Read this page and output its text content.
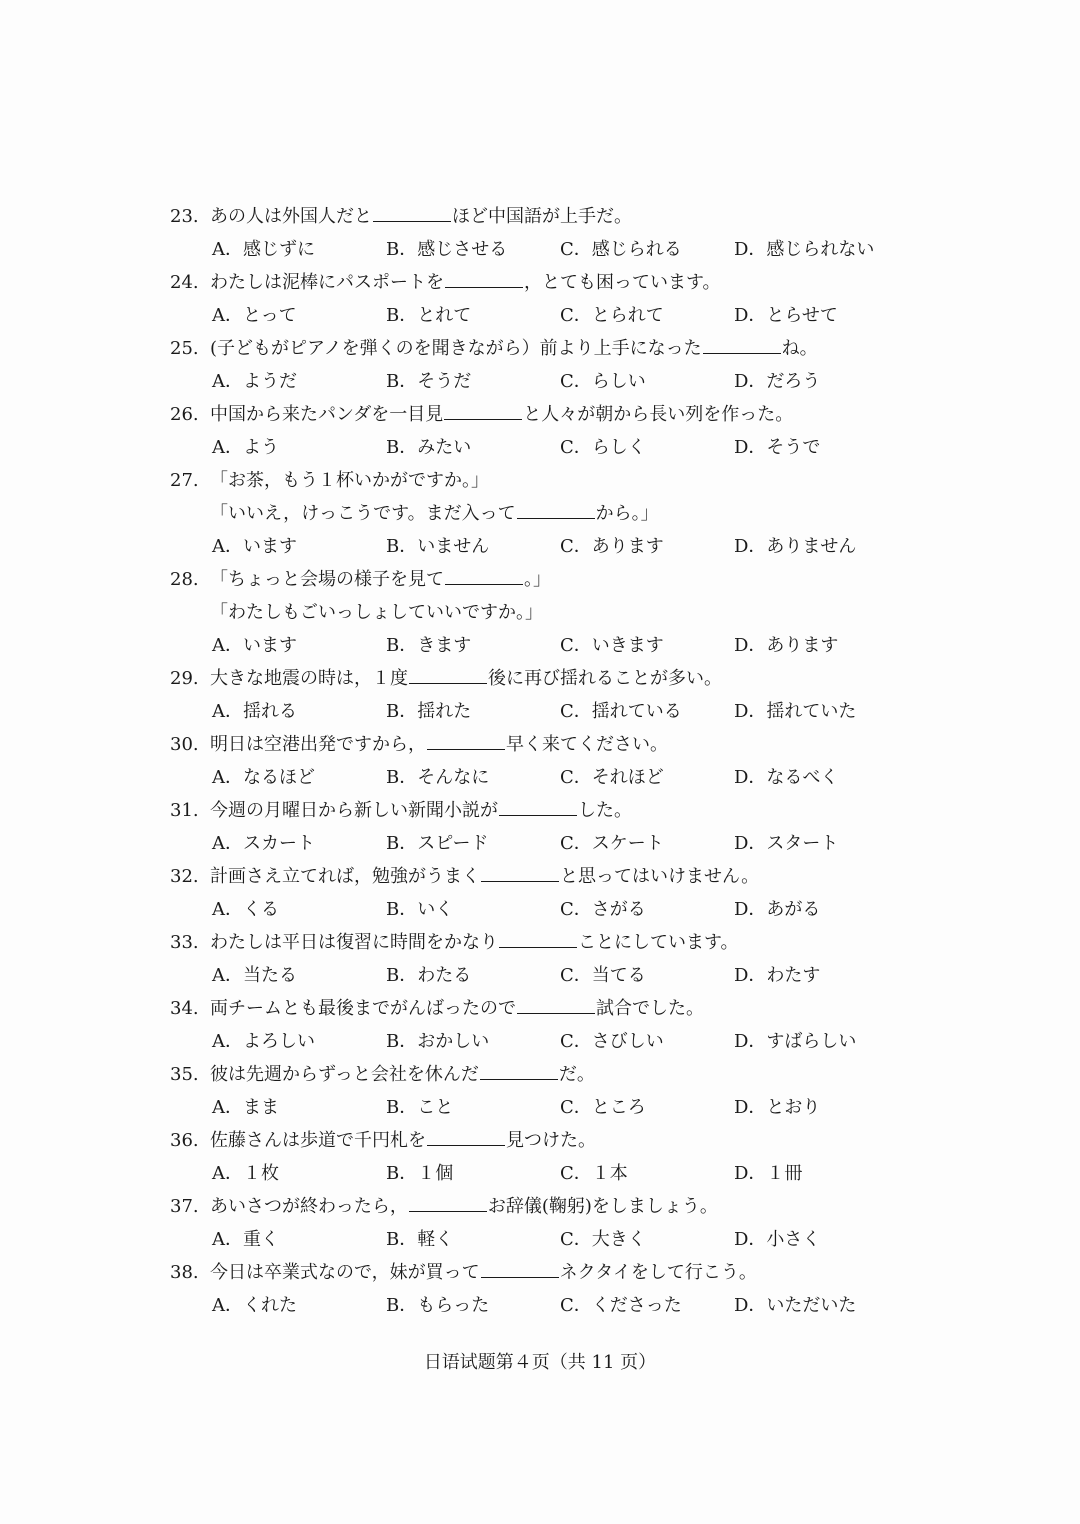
23. あの人は外国人だと	ほど中国語が上手だ。
A．感じずに	B．感じさせる	C．感じられる	D．感じられない
24. わたしは泥棒にパスポートを	，とても困っています。
A．とって	B．とれて	C．とられて	D．とらせて
25. (子どもがピアノを弾くのを聞きながら）前より上手になった	ね。
A．ようだ	B．そうだ	C．らしい	D．だろう
26. 中国から来たパンダを一目見	と人々が朝から長い列を作った。
A．よう	B．みたい	C．らしく	D．そうで
27. 「お茶，もう１杯いかがですか。」
「いいえ，けっこうです。まだ入って	から。」
A．います	B．いません	C．あります	D．ありません
28. 「ちょっと会場の様子を見て	。」
「わたしもごいっしょしていいですか。」
A．います	B．きます	C．いきます	D．あります
29. 大きな地震の時は，１度	後に再び揺れることが多い。
A．揺れる	B．揺れた	C．揺れている	D．揺れていた
30. 明日は空港出発ですから，	早く来てください。
A．なるほど	B．そんなに	C．それほど	D．なるべく
31. 今週の月曜日から新しい新聞小説が	した。
A．スカート	B．スピード	C．スケート	D．スタート
32. 計画さえ立てれば，勉強がうまく	と思ってはいけません。
A．くる	B．いく	C．さがる	D．あがる
33. わたしは平日は復習に時間をかなり	ことにしています。
A．当たる	B．わたる	C．当てる	D．わたす
34. 両チームとも最後までがんばったので	試合でした。
A．よろしい	B．おかしい	C．さびしい	D．すばらしい
35. 彼は先週からずっと会社を休んだ	だ。
A．まま	B．こと	C．ところ	D．とおり
36. 佐藤さんは歩道で千円札を	見つけた。
A．１枚	B．１個	C．１本	D．１冊
37. あいさつが終わったら，	お辞儀(鞠躬)をしましょう。
A．重く	B．軽く	C．大きく	D．小さく
38. 今日は卒業式なので，妹が買って	ネクタイをして行こう。
A．くれた	B．もらった	C．くださった	D．いただいた
日语试题第４页（共 11 页）
